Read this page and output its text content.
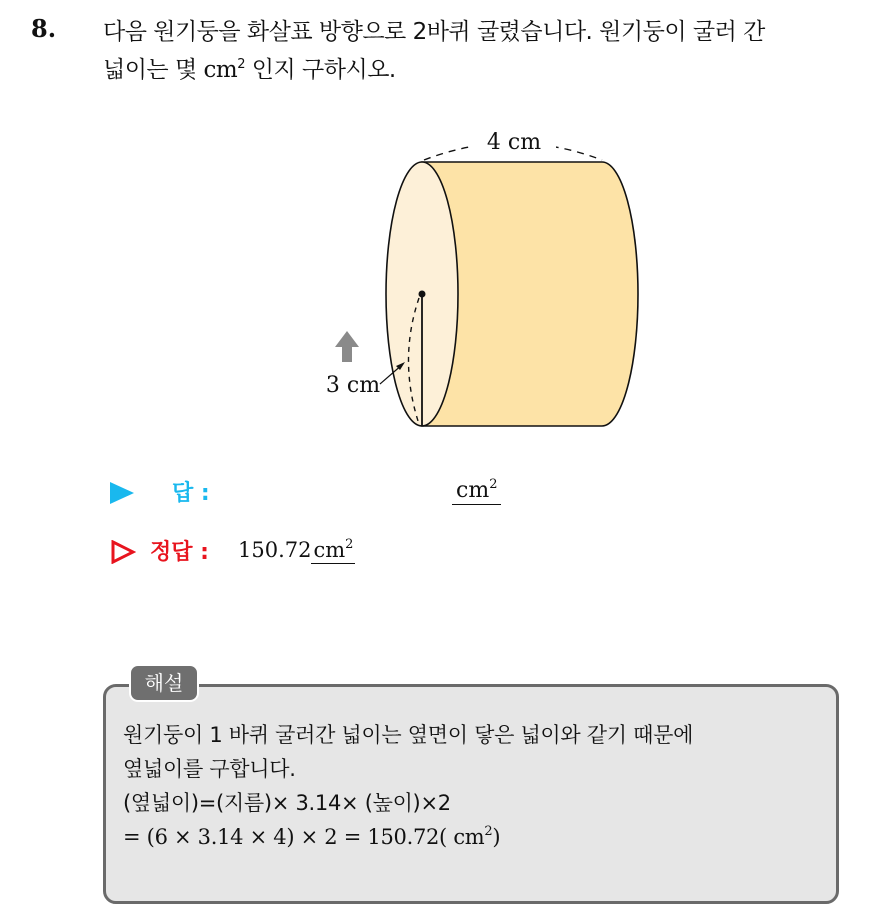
8. 다음 원기둥을 화살표 방향으로 2바퀴 굴렸습니다. 원기둥이 굴러 간
넓이는 몇 $cm^2$ 인지 구하시오.
4 cm
3 cm
답 :	$cm^2$
정답 : $150.72cm^2$
해설
원기둥이 1 바퀴 굴러간 넓이는 옆면이 닿은 넓이와 같기 때문에
옆넓이를 구합니다.
(옆넓이)=(지름)× 3.14× (높이)×2
= (6 × 3.14 × 4) × 2 = 150.72( $cm^2$)
